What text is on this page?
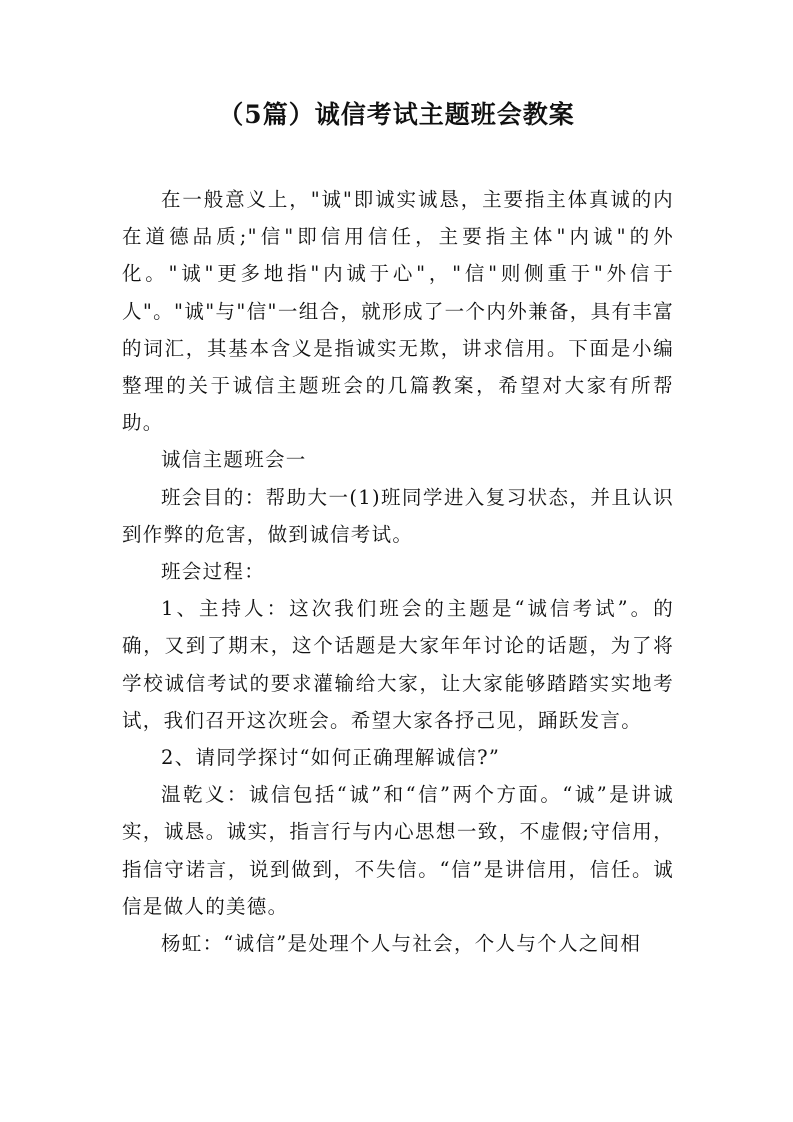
（5篇）诚信考试主题班会教案

在一般意义上，"诚"即诚实诚恳，主要指主体真诚的内在道德品质;"信"即信用信任，主要指主体"内诚"的外化。"诚"更多地指"内诚于心"，"信"则侧重于"外信于人"。"诚"与"信"一组合，就形成了一个内外兼备，具有丰富的词汇，其基本含义是指诚实无欺，讲求信用。下面是小编整理的关于诚信主题班会的几篇教案，希望对大家有所帮助。

诚信主题班会一

班会目的：帮助大一(1)班同学进入复习状态，并且认识到作弊的危害，做到诚信考试。

班会过程：

1、主持人：这次我们班会的主题是“诚信考试”。的确，又到了期末，这个话题是大家年年讨论的话题，为了将学校诚信考试的要求灌输给大家，让大家能够踏踏实实地考试，我们召开这次班会。希望大家各抒己见，踊跃发言。

2、请同学探讨“如何正确理解诚信?”

温乾义：诚信包括“诚”和“信”两个方面。“诚”是讲诚实，诚恳。诚实，指言行与内心思想一致，不虚假;守信用，指信守诺言，说到做到，不失信。“信”是讲信用，信任。诚信是做人的美德。

杨虹：“诚信”是处理个人与社会，个人与个人之间相
